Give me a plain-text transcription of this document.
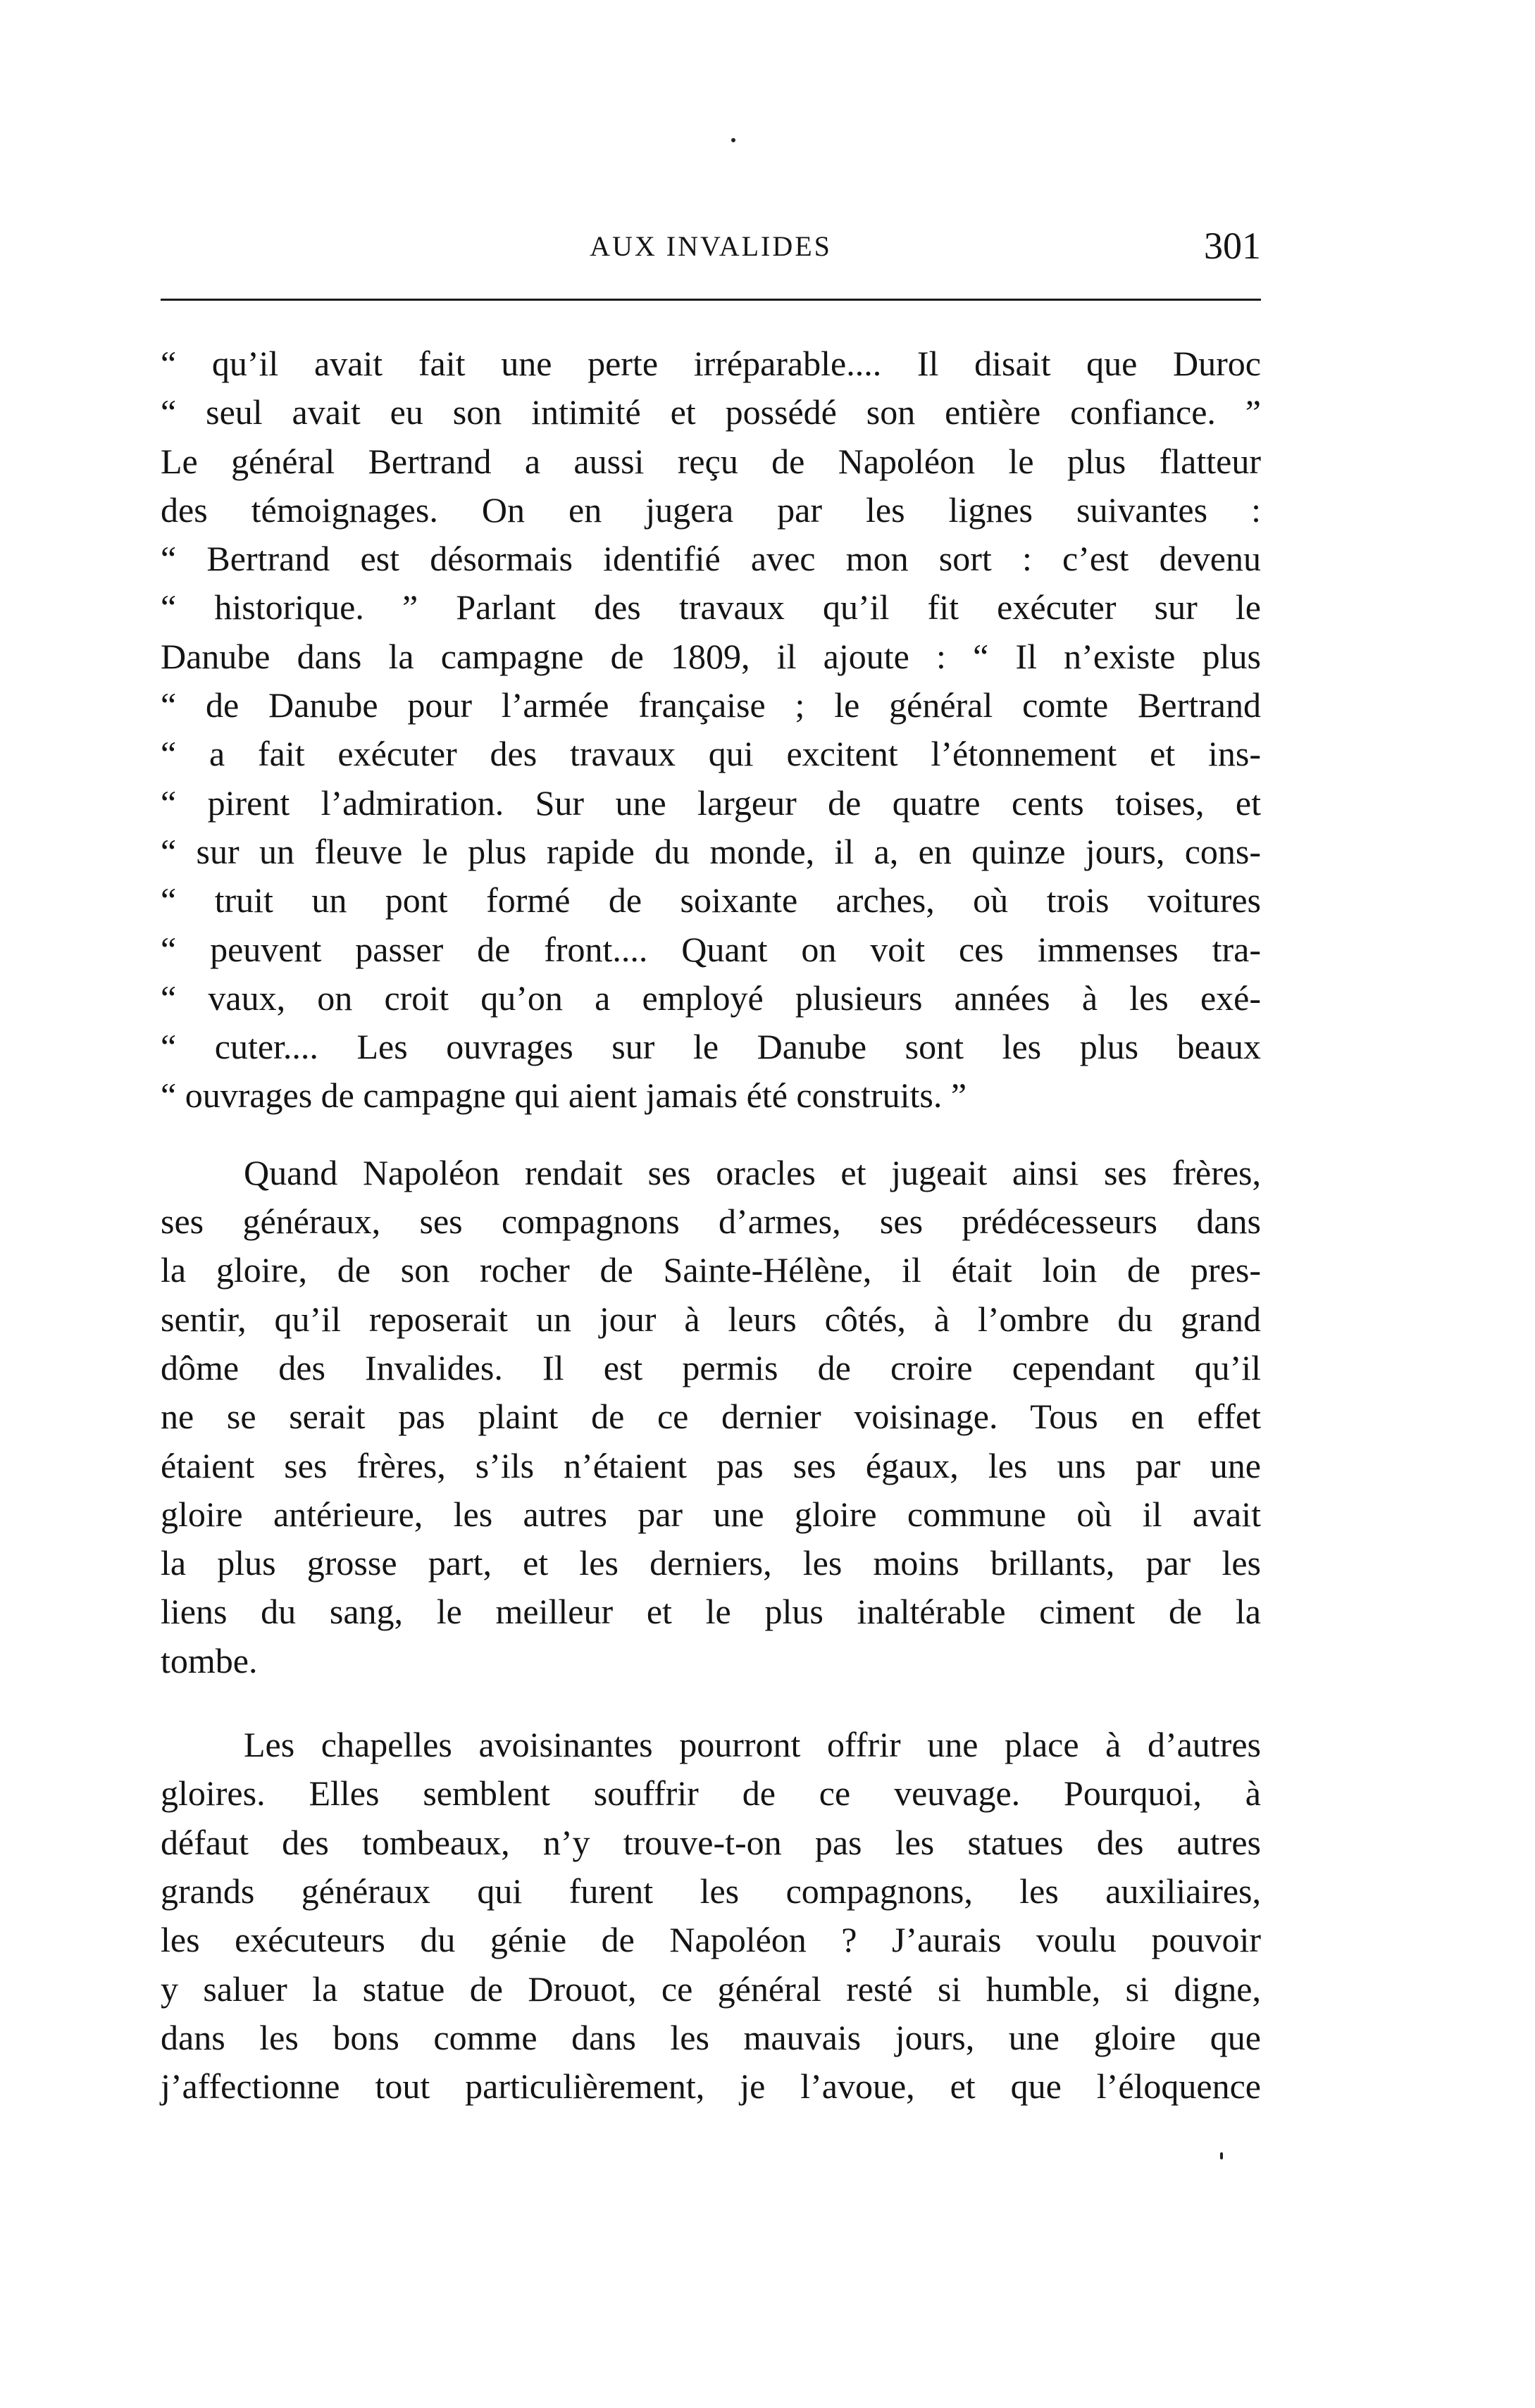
AUX INVALIDES	301
“ qu’il avait fait une perte irréparable.... Il disait que Duroc
“ seul avait eu son intimité et possédé son entière confiance. ”
Le général Bertrand a aussi reçu de Napoléon le plus flatteur
des témoignages. On en jugera par les lignes suivantes :
“ Bertrand est désormais identifié avec mon sort : c’est devenu
“ historique. ” Parlant des travaux qu’il fit exécuter sur le
Danube dans la campagne de 1809, il ajoute : “ Il n’existe plus
“ de Danube pour l’armée française ; le général comte Bertrand
“ a fait exécuter des travaux qui excitent l’étonnement et ins-
“ pirent l’admiration. Sur une largeur de quatre cents toises, et
“ sur un fleuve le plus rapide du monde, il a, en quinze jours, cons-
“ truit un pont formé de soixante arches, où trois voitures
“ peuvent passer de front.... Quant on voit ces immenses tra-
“ vaux, on croit qu’on a employé plusieurs années à les exé-
“ cuter.... Les ouvrages sur le Danube sont les plus beaux
“ ouvrages de campagne qui aient jamais été construits. ”
Quand Napoléon rendait ses oracles et jugeait ainsi ses frères,
ses généraux, ses compagnons d’armes, ses prédécesseurs dans
la gloire, de son rocher de Sainte-Hélène, il était loin de pres-
sentir, qu’il reposerait un jour à leurs côtés, à l’ombre du grand
dôme des Invalides. Il est permis de croire cependant qu’il
ne se serait pas plaint de ce dernier voisinage. Tous en effet
étaient ses frères, s’ils n’étaient pas ses égaux, les uns par une
gloire antérieure, les autres par une gloire commune où il avait
la plus grosse part, et les derniers, les moins brillants, par les
liens du sang, le meilleur et le plus inaltérable ciment de la
tombe.
Les chapelles avoisinantes pourront offrir une place à d’autres
gloires. Elles semblent souffrir de ce veuvage. Pourquoi, à
défaut des tombeaux, n’y trouve-t-on pas les statues des autres
grands généraux qui furent les compagnons, les auxiliaires,
les exécuteurs du génie de Napoléon ? J’aurais voulu pouvoir
y saluer la statue de Drouot, ce général resté si humble, si digne,
dans les bons comme dans les mauvais jours, une gloire que
j’affectionne tout particulièrement, je l’avoue, et que l’éloquence
